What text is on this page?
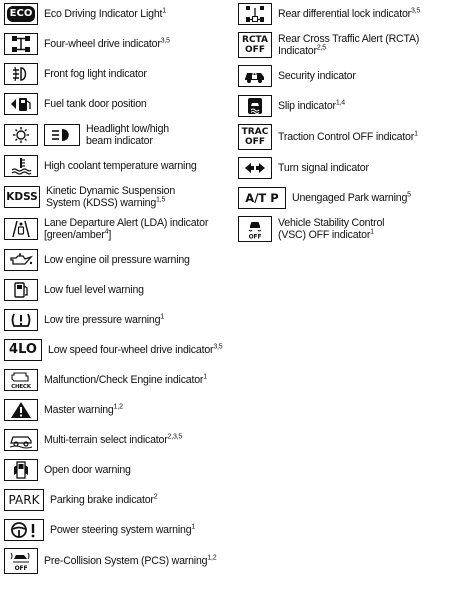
ECO	Eco Driving Indicator Light$^1$
Four-wheel drive indicator$^{3,5}$
Front fog light indicator
Fuel tank door position
Headlight low/high
beam indicator
High coolant temperature warning
KDSS Kinetic Dynamic Suspension
System (KDSS) warning$^{1,5}$
Lane Departure Alert (LDA) indicator
[green/amber$^4$]
Low engine oil pressure warning
Low fuel level warning
Low tire pressure warning$^1$
4LO	Low speed four-wheel drive indicator$^{3,5}$
CHECK
Malfunction/Check Engine indicator$^1$
Master warning$^{1,2}$
Multi-terrain select indicator$^{2,3,5}$
Open door warning
PARK Parking brake indicator$^2$
Power steering system warning$^1$
OFF
Pre-Collision System (PCS) warning$^{1,2}$
Rear differential lock indicator$^{3,5}$
RCTA
OFF
Rear Cross Traffic Alert (RCTA)
Indicator$^{2,5}$
Security indicator
Slip indicator$^{1,4}$
TRAC
OFF	Traction Control OFF indicator$^1$
Turn signal indicator
A/T P	Unengaged Park warning$^5$
OFF
Vehicle Stability Control
(VSC) OFF indicator$^1$
